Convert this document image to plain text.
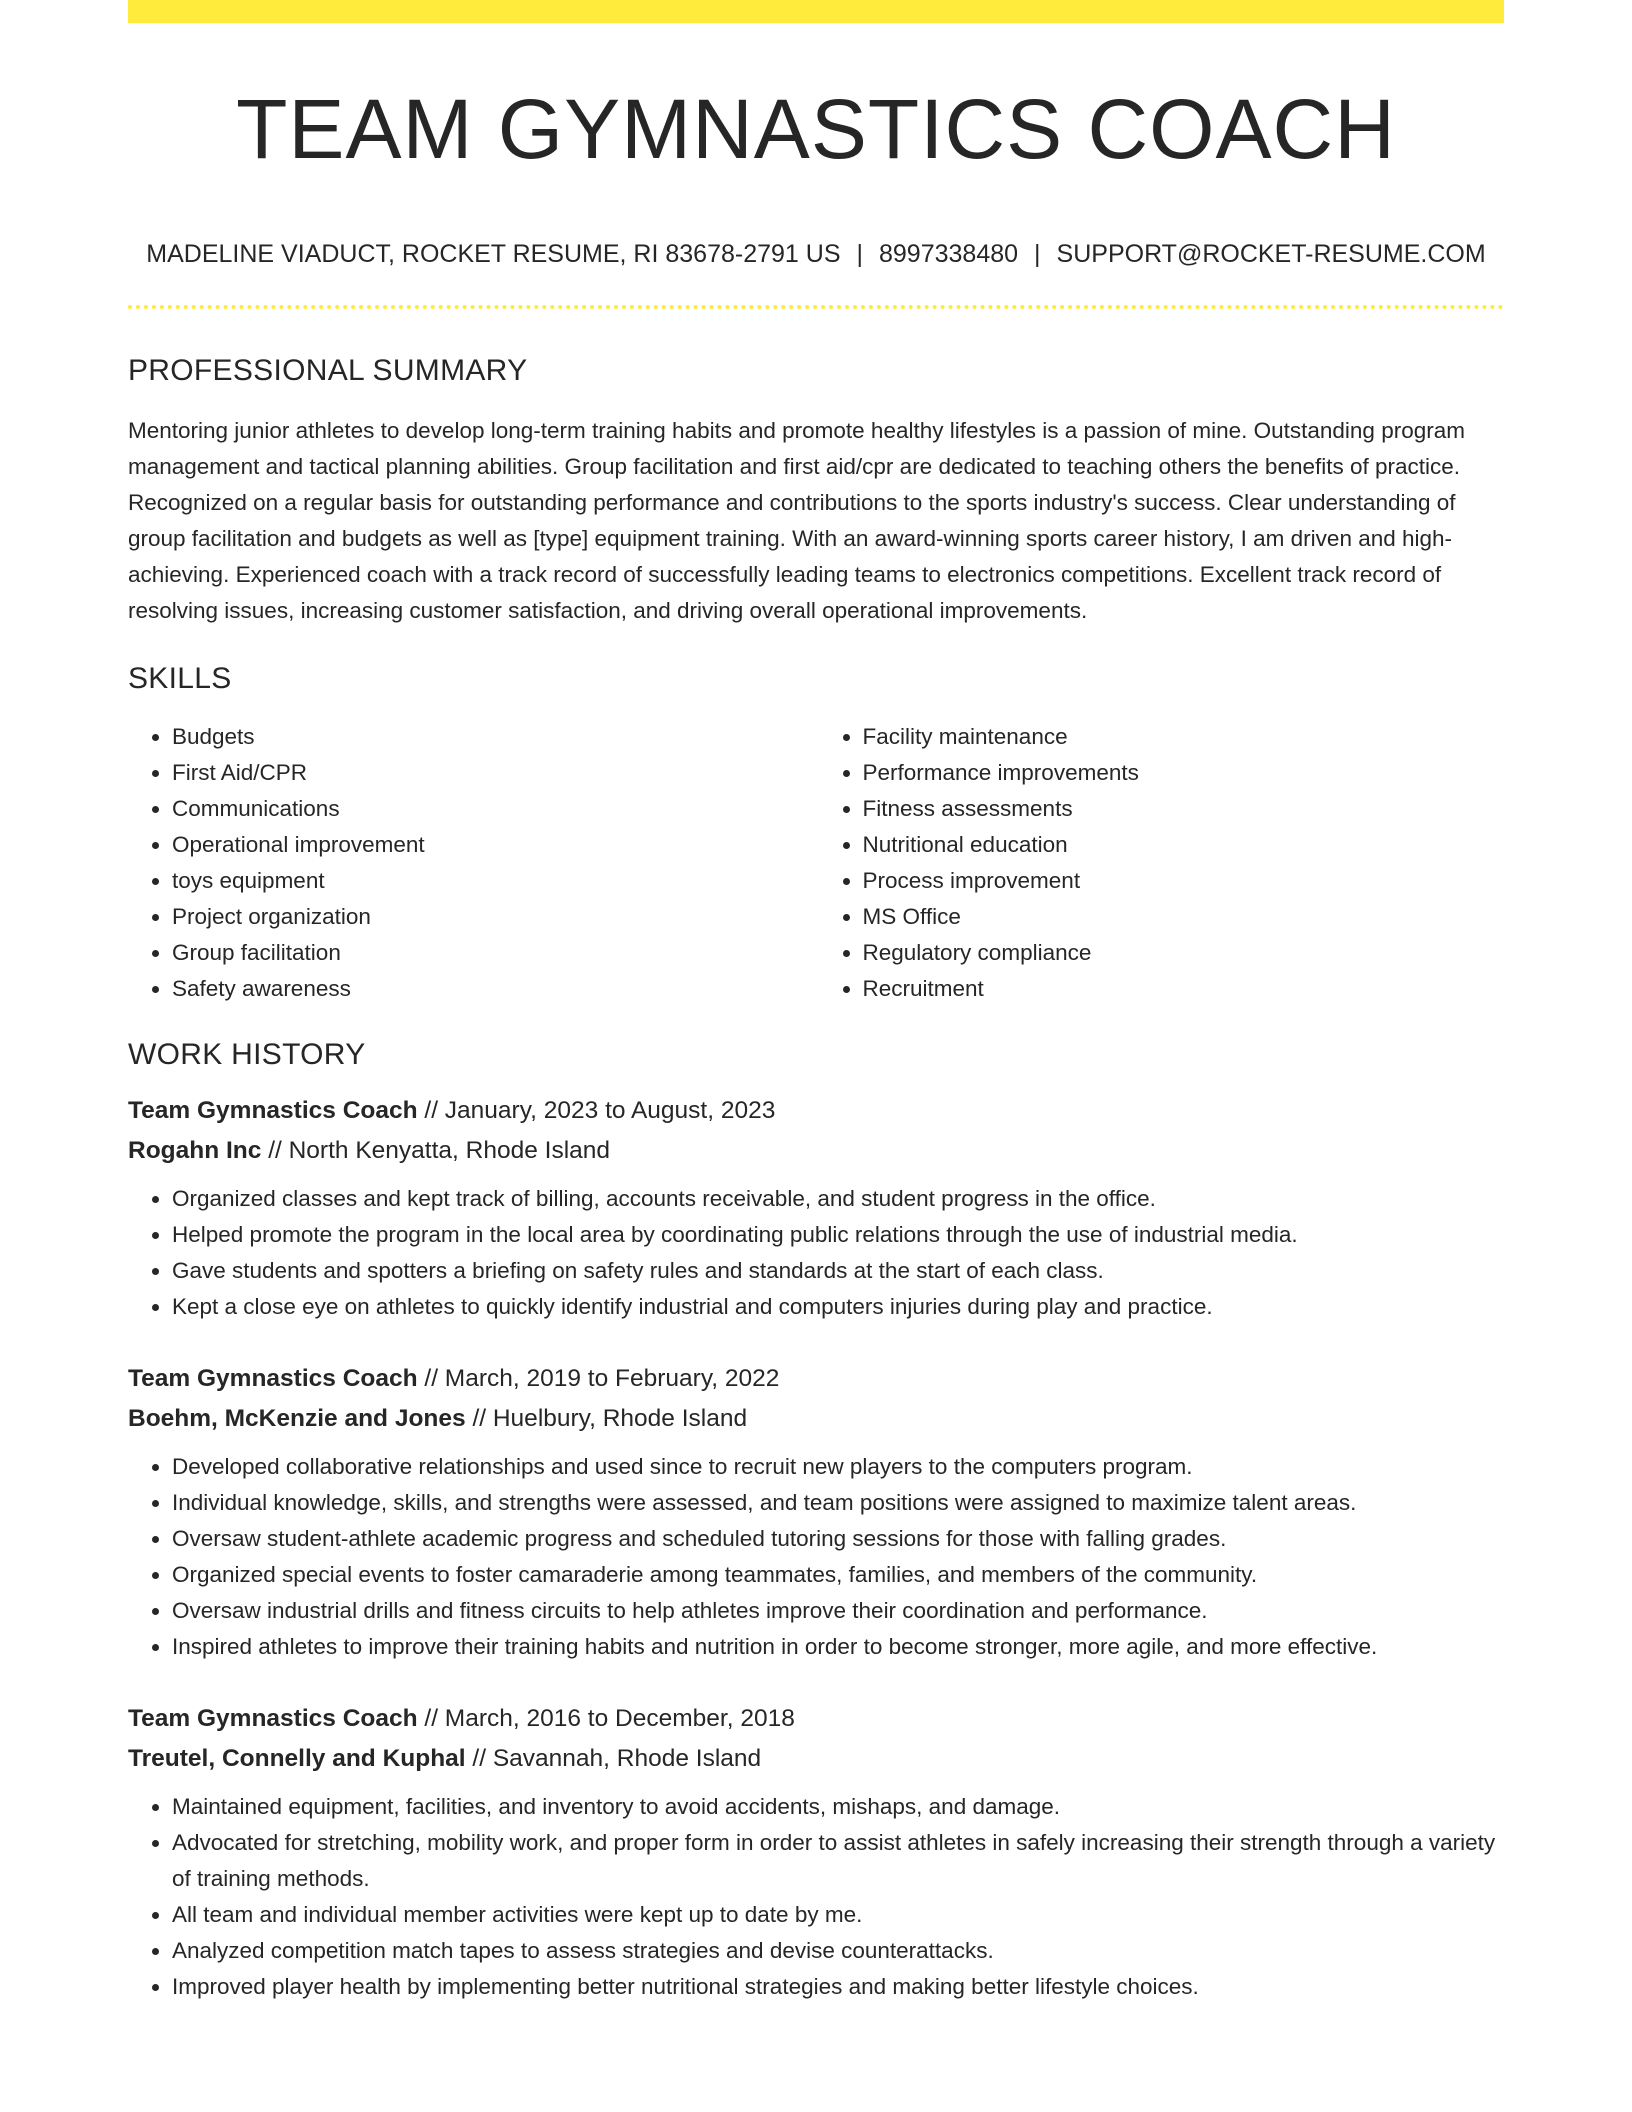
TEAM GYMNASTICS COACH
MADELINE VIADUCT, ROCKET RESUME, RI 83678-2791 US | 8997338480 | SUPPORT@ROCKET-RESUME.COM
PROFESSIONAL SUMMARY

Mentoring junior athletes to develop long-term training habits and promote healthy lifestyles is a passion of mine. Outstanding program management and tactical planning abilities. Group facilitation and first aid/cpr are dedicated to teaching others the benefits of practice. Recognized on a regular basis for outstanding performance and contributions to the sports industry's success. Clear understanding of group facilitation and budgets as well as [type] equipment training. With an award-winning sports career history, I am driven and high-achieving. Experienced coach with a track record of successfully leading teams to electronics competitions. Excellent track record of resolving issues, increasing customer satisfaction, and driving overall operational improvements.

SKILLS
• Budgets
• First Aid/CPR
• Communications
• Operational improvement
• toys equipment
• Project organization
• Group facilitation
• Safety awareness
• Facility maintenance
• Performance improvements
• Fitness assessments
• Nutritional education
• Process improvement
• MS Office
• Regulatory compliance
• Recruitment
WORK HISTORY
Team Gymnastics Coach // January, 2023 to August, 2023
Rogahn Inc // North Kenyatta, Rhode Island
• Organized classes and kept track of billing, accounts receivable, and student progress in the office.
• Helped promote the program in the local area by coordinating public relations through the use of industrial media.
• Gave students and spotters a briefing on safety rules and standards at the start of each class.
• Kept a close eye on athletes to quickly identify industrial and computers injuries during play and practice.
Team Gymnastics Coach // March, 2019 to February, 2022
Boehm, McKenzie and Jones // Huelbury, Rhode Island
• Developed collaborative relationships and used since to recruit new players to the computers program.
• Individual knowledge, skills, and strengths were assessed, and team positions were assigned to maximize talent areas.
• Oversaw student-athlete academic progress and scheduled tutoring sessions for those with falling grades.
• Organized special events to foster camaraderie among teammates, families, and members of the community.
• Oversaw industrial drills and fitness circuits to help athletes improve their coordination and performance.
• Inspired athletes to improve their training habits and nutrition in order to become stronger, more agile, and more effective.
Team Gymnastics Coach // March, 2016 to December, 2018
Treutel, Connelly and Kuphal // Savannah, Rhode Island
• Maintained equipment, facilities, and inventory to avoid accidents, mishaps, and damage.
• Advocated for stretching, mobility work, and proper form in order to assist athletes in safely increasing their strength through a variety of training methods.
• All team and individual member activities were kept up to date by me.
• Analyzed competition match tapes to assess strategies and devise counterattacks.
• Improved player health by implementing better nutritional strategies and making better lifestyle choices.
